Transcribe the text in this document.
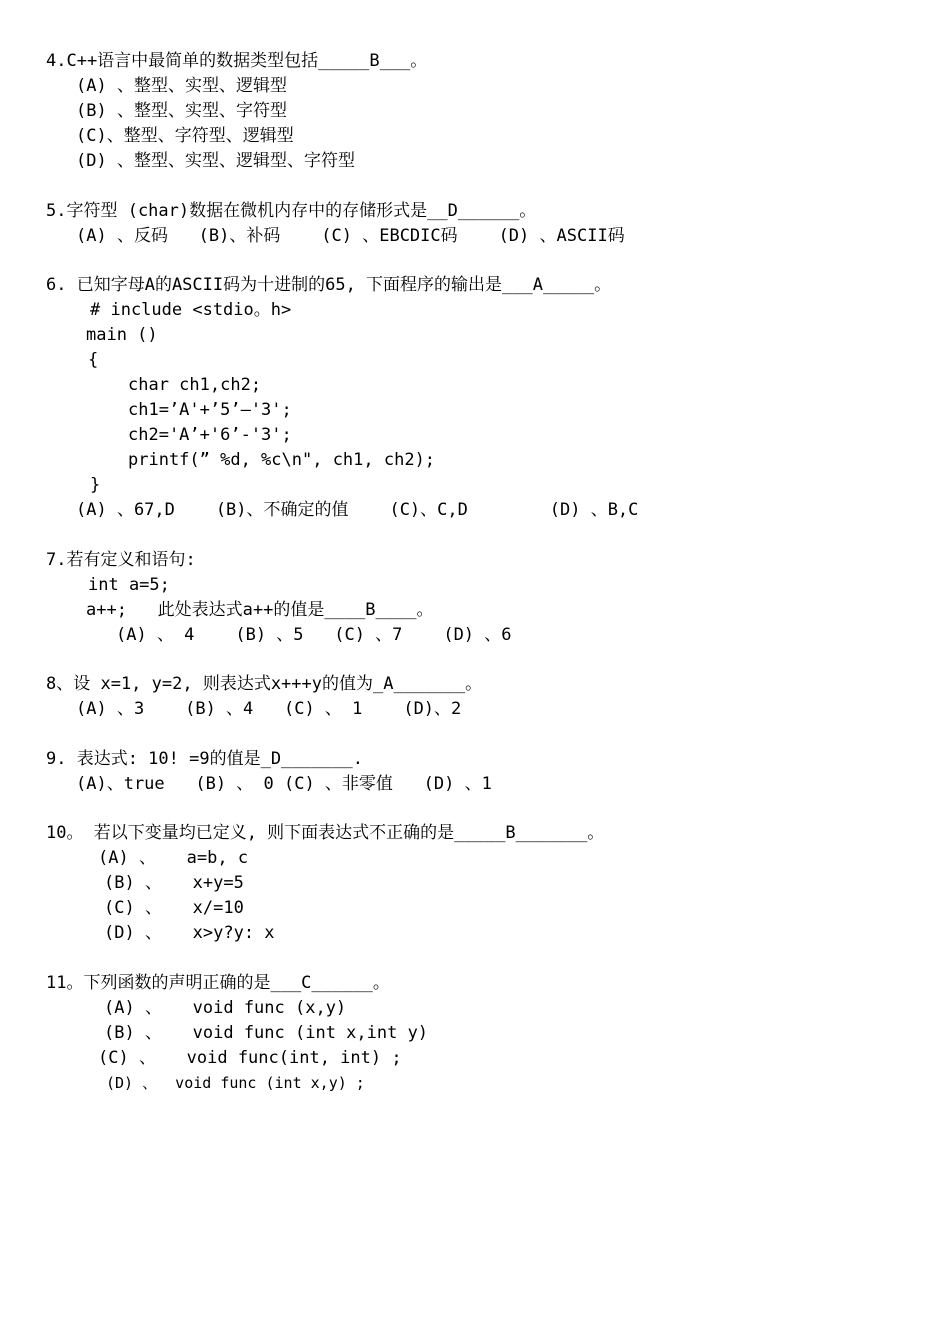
4.C++语言中最简单的数据类型包括_____B___。
(A) 、整型、实型、逻辑型
(B) 、整型、实型、字符型
(C)、整型、字符型、逻辑型
(D) 、整型、实型、逻辑型、字符型
5.字符型 (char)数据在微机内存中的存储形式是__D______。
(A) 、反码   (B)、补码    (C) 、EBCDIC码    (D) 、ASCII码
6. 已知字母A的ASCII码为十进制的65, 下面程序的输出是___A_____。
# include <stdio。h>
main ()
{
char ch1,ch2;
ch1=’A'+’5’—'3';
ch2='A’+'6’-'3';
printf(” %d, %c\n", ch1, ch2);
}
(A) 、67,D    (B)、不确定的值    (C)、C,D        (D) 、B,C
7.若有定义和语句:
int a=5;
a++;   此处表达式a++的值是____B____。
(A) 、 4    (B) 、5   (C) 、7    (D) 、6
8、设 x=1, y=2, 则表达式x+++y的值为_A_______。
(A) 、3    (B) 、4   (C) 、 1    (D)、2
9. 表达式: 10! =9的值是_D_______.
(A)、true   (B) 、 0 (C) 、非零值   (D) 、1
10。 若以下变量均已定义, 则下面表达式不正确的是_____B_______。
(A) 、   a=b, c
(B) 、   x+y=5
(C) 、   x/=10
(D) 、   x>y?y: x
11。下列函数的声明正确的是___C______。
(A) 、   void func (x,y)
(B) 、   void func (int x,int y)
(C) 、   void func(int, int) ;
(D) 、  void func (int x,y) ;
